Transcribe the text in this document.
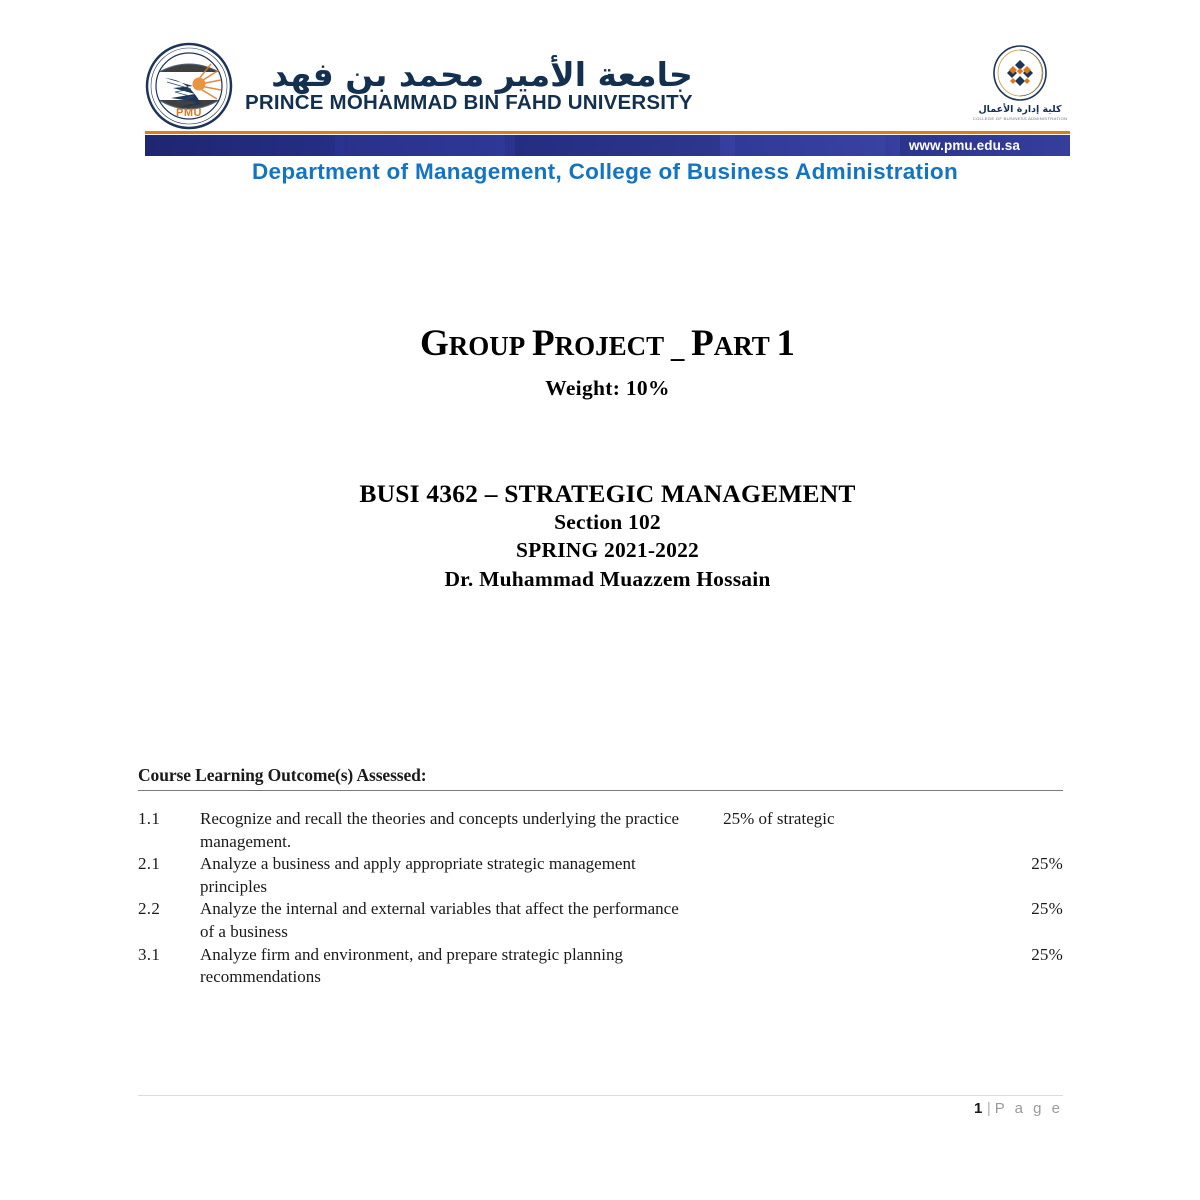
PMU
جامعة الأمير محمد بن فهد
PRINCE MOHAMMAD BIN FAHD UNIVERSITY	كلية إدارة الأعمال
COLLEGE OF BUSINESS ADMINISTRATION
www.pmu.edu.sa
Department of Management, College of Business Administration
GROUP PROJECT _ PART 1
Weight: 10%
BUSI 4362 – STRATEGIC MANAGEMENT
Section 102
SPRING 2021-2022
Dr. Muhammad Muazzem Hossain
Course Learning Outcome(s) Assessed:
1.1	Recognize and recall the theories and concepts underlying the practice	25% of strategic
management.
2.1	Analyze a business and apply appropriate strategic management
principles
25%
2.2	Analyze the internal and external variables that affect the performance
of a business
25%
3.1	Analyze firm and environment, and prepare strategic planning
recommendations
25%
1 | P a g e
